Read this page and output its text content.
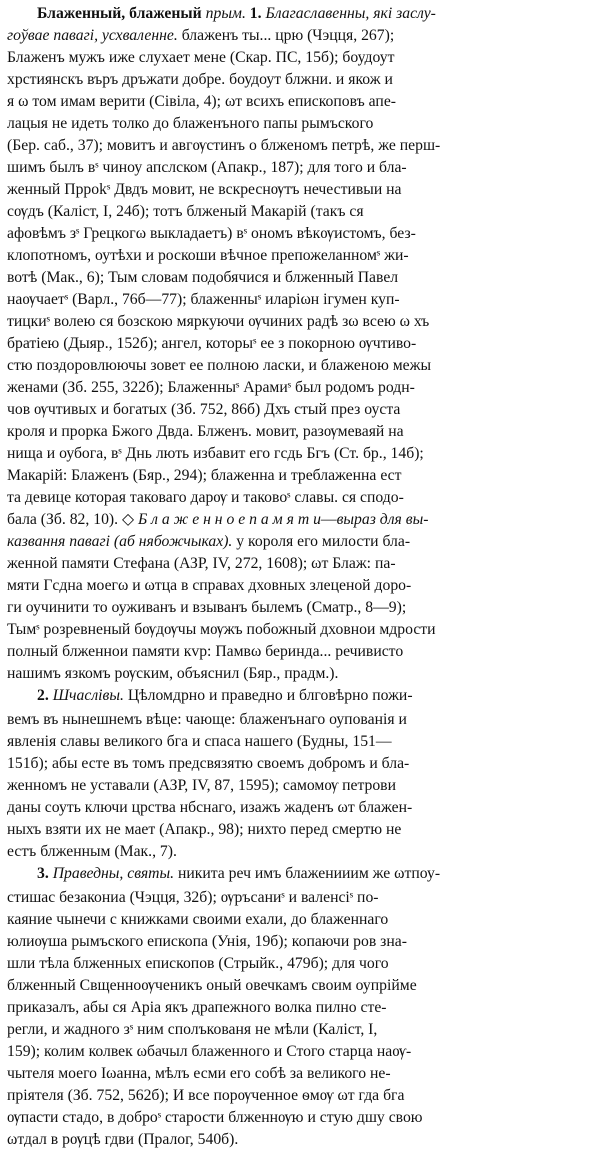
Блаженный, блаженый прым. 1. Благаславенны, якi заслу-
гоўвае павагі, усхваленнe. блаженъ ты... црю (Чэцця, 267);
Блаженъ мужъ иже слухает мене (Скар. ПС, 15б); боудоут
хрстиянскъ въръ дръжати добре. боудоут блжни. и якож и
я ω том имам верити (Сiвiла, 4); ωт всихъ епископовъ апе-
лацыя не идеть толко до блаженъного папы рымъского
(Бер. саб., 37); мовитъ и авгѹстинъ о блженомъ петрѣ, же перш-
шимъ былъ вˢ чиноу апслском (Апакр., 187); для того и бла-
женный Прроkˢ Двдъ мовит, не вскреснѹтъ нечестивыи на
сѹдъ (Калiст, I, 24б); тотъ блженый Макарiй (такъ ся
афовѣмъ зˢ Грецкогω выкладаетъ) вˢ ономъ вѣкѹистомъ, без-
клопотномъ, оутѣхи и роскоши вѣчное препожеланномˢ жи-
вотѣ (Мак., 6); Тым словам подобячися и блженный Павел
нaѹчаетˢ (Варл., 76б—77); блаженныˢ иларiωн iгумен куп-
тицкиˢ волею ся бозскою мяркуючи ѹчиних радѣ зω всею ω хъ
братiею (Дыяр., 152б); ангел, которыˢ ее з покорною ѹчтиво-
стю поздоровлюючы зовет ее полною ласки, и блаженою межы
женами (Зб. 255, 322б); Блаженныˢ Арамиˢ был родомъ родн-
чов ѹчтивых и богатых (Зб. 752, 86б) Дхъ стый през оуста
кроля и прорка Бжого Двда. Блженъ. мовит, разѹмеваяй на
нища и оубога, вˢ Днь лють избавит его гсдь Бгъ (Ст. бр., 14б);
Макарiй: Блаженъ (Бяр., 294); блаженна и треблаженна ест
та девице которая таковаго дарѹ и таковоˢ славы. ся сподо-
бала (Зб. 82, 10). ◇ Б л а ж е н н о е п а м я т и—выраз для вы-
казвання павагі (аб нябожчыках). у короля его милости бла-
женной памяти Стефана (АЗР, IV, 272, 1608); ωт Блаж: па-
мяти Гсдна моегω и ωтца в справах дховных злеценой доро-
ги оучинити то оуживанъ и взыванъ былемъ (Сматр., 8—9);
Тымˢ розревненый бѹдѹчы мѹжъ побожный дховнои мдрости
полный блженнои памяти кvр: Памвω беринда... речивисто
нашимъ язкомъ рѹским, объяснил (Бяр., прадм.).
2. Шчаслівы. Цѣломдрно и праведно и блговѣрно пожи-
вемъ въ нынешнемъ вѣце: чающе: блаженънаго оупованiя и
явленiя славы великого бга и спаса нашего (Будны, 151—
151б); абы есте въ томъ предсвязятю своемъ добромъ и бла-
женномъ не уставали (АЗР, IV, 87, 1595); самомѹ петрови
даны соуть ключи црства нбснаго, изажъ жаденъ ωт блажен-
ныхъ взяти их не мает (Апакр., 98); нихто перед смертю не
естъ блженным (Мак., 7).
3. Праведны, святы. никита реч имъ блаженииим же ωтпоу-
стишас безакониа (Чэцця, 32б); ѹръсаниˢ и валенсiˢ по-
каяние чынечи с книжками своими ехали, до блаженнаго
юлиѹша рымъского епископа (Унiя, 19б); копаючи ров зна-
шли тѣла блженных епископов (Стрыйк., 479б); для чого
блженный Свщенноѹченикъ оный овечкамъ своим оупрiйме
приказалъ, абы ся Арiа якъ драпежного волка пилно сте-
регли, и жадного зˢ ним сполъкованя не мѣли (Калiст, I,
159); колим колвек ωбачыл блаженного и Стого старца наѹ-
чытеля моего Iωанна, мѣлъ есми его собѣ за великого не-
прiятеля (Зб. 752, 562б); И все порѹченное ѳмѹ ωт гда бга
ѹпасти стадо, в доброˢ старости блженнѹю и стую дшу свою
ωтдал в рѹцѣ гдви (Пралог, 540б).
